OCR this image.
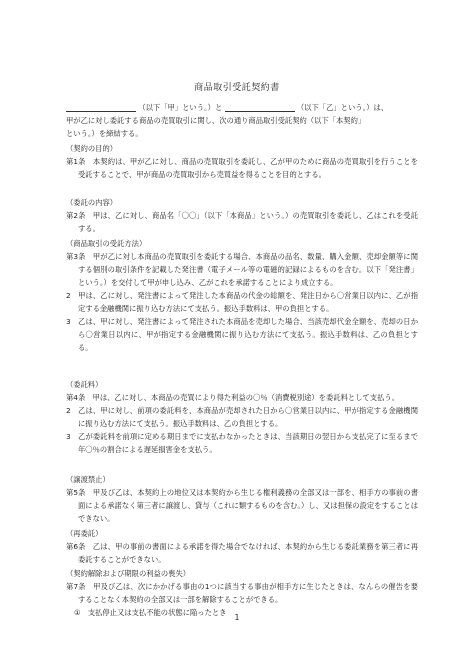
商品取引受託契約書
（以下「甲」という。）と	（以下「乙」という。）は、
甲が乙に対し委託する商品の売買取引に関し、次の通り商品取引受託契約（以下「本契約」
という。）を締結する。
（契約の目的）

第1条　本契約は、甲が乙に対し、商品の売買取引を委託し、乙が甲のために商品の売買取引を行うことを受託することで、甲が商品の売買取引から売買益を得ることを目的とする。

（委託の内容）

第2条　甲は、乙に対し、商品名「〇〇」（以下「本商品」という。）の売買取引を委託し、乙はこれを受託する。

（商品取引の受託方法）

第3条　甲が乙に対し本商品の売買取引を委託する場合、本商品の品名、数量、購入金額、売却金額等に関する個別の取引条件を記載した発注書（電子メール等の電磁的記録によるものを含む。以下「発注書」という。）を交付して甲が申し込み、乙がこれを承諾することにより成立する。

2　甲は、乙に対し、発注書によって発注した本商品の代金の総額を、発注日から〇営業日以内に、乙が指定する金融機関に振り込む方法にて支払う。振込手数料は、甲の負担とする。

3　乙は、甲に対し、発注書によって発注された本商品を売却した場合、当該売却代金全額を、売却の日から〇営業日以内に、甲が指定する金融機関に振り込む方法にて支払う。振込手数料は、乙の負担とする。

（委託料）

第4条　甲は、乙に対し、本商品の売買により得た利益の〇％（消費税別途）を委託料として支払う。

2　乙は、甲に対し、前項の委託料を、本商品が売却された日から〇営業日以内に、甲が指定する金融機関に振り込む方法にて支払う。振込手数料は、乙の負担とする。

3　乙が委託料を前項に定める期日までに支払わなかったときは、当該期日の翌日から支払完了に至るまで年〇％の割合による遅延損害金を支払う。

（譲渡禁止）

第5条　甲及び乙は、本契約上の地位又は本契約から生じる権利義務の全部又は一部を、相手方の事前の書面による承諾なく第三者に譲渡し、貸与（これに類するものを含む。）し、又は担保の設定をすることはできない。

（再委託）

第6条　乙は、甲の事前の書面による承諾を得た場合でなければ、本契約から生じる委託業務を第三者に再委託することができない。

（契約解除および期限の利益の喪失）

第7条　甲及び乙は、次にかかげる事由の1つに該当する事由が相手方に生じたときは、なんらの催告を要することなく本契約の全部又は一部を解除することができる。

①　支払停止又は支払不能の状態に陥ったとき

1
